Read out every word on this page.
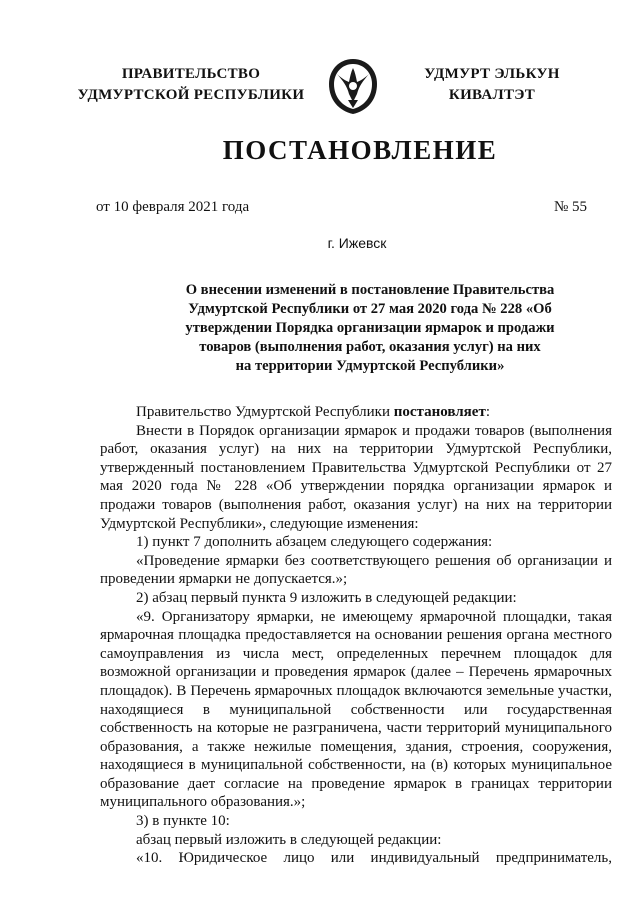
ПРАВИТЕЛЬСТВО
УДМУРТСКОЙ РЕСПУБЛИКИ
УДМУРТ ЭЛЬКУН
КИВАЛТЭТ
ПОСТАНОВЛЕНИЕ
от 10 февраля 2021 года	№ 55
г. Ижевск
О внесении изменений в постановление Правительства
Удмуртской Республики от 27 мая 2020 года № 228 «Об
утверждении Порядка организации ярмарок и продажи
товаров (выполнения работ, оказания услуг) на них
на территории Удмуртской Республики»

Правительство Удмуртской Республики постановляет:

Внести в Порядок организации ярмарок и продажи товаров (выполнения работ, оказания услуг) на них на территории Удмуртской Республики, утвержденный постановлением Правительства Удмуртской Республики от 27 мая 2020 года № 228 «Об утверждении порядка организации ярмарок и продажи товаров (выполнения работ, оказания услуг) на них на территории Удмуртской Республики», следующие изменения:

1) пункт 7 дополнить абзацем следующего содержания:

«Проведение ярмарки без соответствующего решения об организации и проведении ярмарки не допускается.»;

2) абзац первый пункта 9 изложить в следующей редакции:

«9. Организатору ярмарки, не имеющему ярмарочной площадки, такая ярмарочная площадка предоставляется на основании решения органа местного самоуправления из числа мест, определенных перечнем площадок для возможной организации и проведения ярмарок (далее – Перечень ярмарочных площадок). В Перечень ярмарочных площадок включаются земельные участки, находящиеся в муниципальной собственности или государственная собственность на которые не разграничена, части территорий муниципального образования, а также нежилые помещения, здания, строения, сооружения, находящиеся в муниципальной собственности, на (в) которых муниципальное образование дает согласие на проведение ярмарок в границах территории муниципального образования.»;

3) в пункте 10:

абзац первый изложить в следующей редакции:

«10. Юридическое лицо или индивидуальный предприниматель,
